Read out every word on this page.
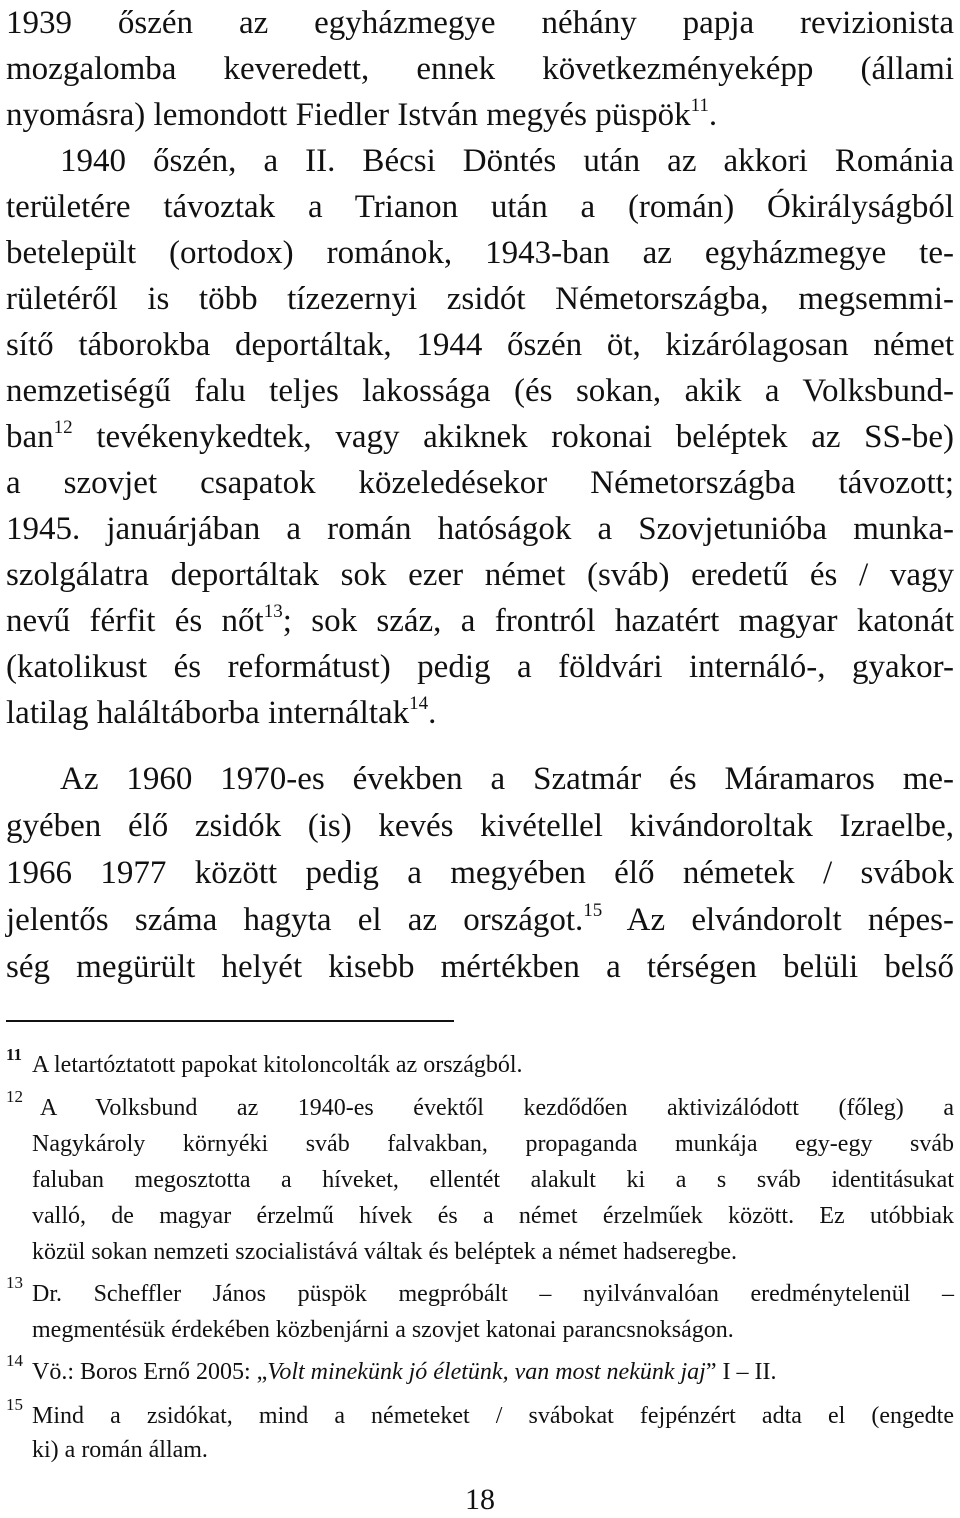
1939 őszén az egyházmegye néhány papja revizionista
mozgalomba keveredett, ennek következményeképp (állami
nyomásra) lemondott Fiedler István megyés püspök$^{11}$.
1940 őszén, a II. Bécsi Döntés után az akkori Románia
területére távoztak a Trianon után a (román) Ókirályságból
betelepült (ortodox) románok, 1943-ban az egyházmegye te-
rületéről is több tízezernyi zsidót Németországba, megsemmi-
sítő táborokba deportáltak, 1944 őszén öt, kizárólagosan német
nemzetiségű falu teljes lakossága (és sokan, akik a Volksbund-
ban$^{12}$ tevékenykedtek, vagy akiknek rokonai beléptek az SS-be)
a szovjet csapatok közeledésekor Németországba távozott;
1945. januárjában a román hatóságok a Szovjetunióba munka-
szolgálatra deportáltak sok ezer német (sváb) eredetű és / vagy
nevű férfit és nőt$^{13}$; sok száz, a frontról hazatért magyar katonát
(katolikust és reformátust) pedig a földvári internáló-, gyakor-
latilag haláltáborba internáltak$^{14}$.
Az 1960 1970-es években a Szatmár és Máramaros me-
gyében élő zsidók (is) kevés kivétellel kivándoroltak Izraelbe,
1966 1977 között pedig a megyében élő németek / svábok
jelentős száma hagyta el az országot.$^{15}$ Az elvándorolt népes-
ség megürült helyét kisebb mértékben a térségen belüli belső
11 A letartóztatott papokat kitoloncolták az országból.
12 A Volksbund az 1940-es évektől kezdődően aktivizálódott (főleg) a
Nagykároly környéki sváb falvakban, propaganda munkája egy-egy sváb
faluban megosztotta a híveket, ellentét alakult ki a s sváb identitásukat
valló, de magyar érzelmű hívek és a német érzelműek között. Ez utóbbiak
közül sokan nemzeti szocialistává váltak és beléptek a német hadseregbe.
13 Dr. Scheffler János püspök megpróbált – nyilvánvalóan eredménytelenül –
megmentésük érdekében közbenjárni a szovjet katonai parancsnokságon.
14 Vö.: Boros Ernő 2005: „Volt minekünk jó életünk, van most nekünk jaj” I – II.
15 Mind a zsidókat, mind a németeket / svábokat fejpénzért adta el (engedte
ki) a román állam.
18
